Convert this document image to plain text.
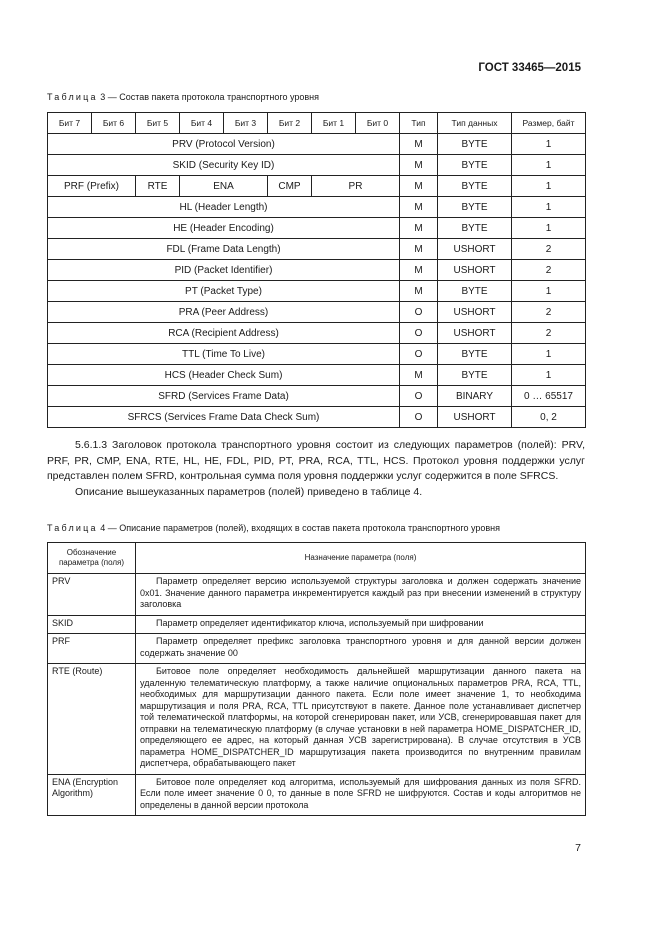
ГОСТ 33465—2015
Таблица 3 — Состав пакета протокола транспортного уровня
Бит 7	Бит 6	Бит 5	Бит 4	Бит 3	Бит 2	Бит 1	Бит 0	Тип	Тип данных	Размер, байт
PRV (Protocol Version)								M	BYTE	1
SKID (Security Key ID)								M	BYTE	1
PRF (Prefix)		RTE	ENA		CMP	PR		M	BYTE	1
HL (Header Length)								M	BYTE	1
HE (Header Encoding)								M	BYTE	1
FDL (Frame Data Length)								M	USHORT	2
PID (Packet Identifier)								M	USHORT	2
PT (Packet Type)								M	BYTE	1
PRA (Peer Address)								O	USHORT	2
RCA (Recipient Address)								O	USHORT	2
TTL (Time To Live)								O	BYTE	1
HCS (Header Check Sum)								M	BYTE	1
SFRD (Services Frame Data)								O	BINARY	0 … 65517
SFRCS (Services Frame Data Check Sum)								O	USHORT	0, 2

5.6.1.3 Заголовок протокола транспортного уровня состоит из следующих параметров (полей): PRV, PRF, PR, CMP, ENA, RTE, HL, HE, FDL, PID, PT, PRA, RCA, TTL, HCS. Протокол уровня поддержки услуг представлен полем SFRD, контрольная сумма поля уровня поддержки услуг содержится в поле SFRCS.

Описание вышеуказанных параметров (полей) приведено в таблице 4.

Таблица 4 — Описание параметров (полей), входящих в состав пакета протокола транспортного уровня
Обозначение параметра (поля)	Назначение параметра (поля)
PRV	Параметр определяет версию используемой структуры заголовка и должен содержать значение 0x01. Значение данного параметра инкрементируется каждый раз при внесении изменений в структуру заголовка

SKID	Параметр определяет идентификатор ключа, используемый при шифровании

PRF	Параметр определяет префикс заголовка транспортного уровня и для данной версии должен содержать значение 00

RTE (Route)	Битовое поле определяет необходимость дальнейшей маршрутизации данного пакета на удаленную телематическую платформу, а также наличие опциональных параметров PRA, RCA, TTL, необходимых для маршрутизации данного пакета. Если поле имеет значение 1, то необходима маршрутизация и поля PRA, RCA, TTL присутствуют в пакете. Данное поле устанавливает диспетчер той телематической платформы, на которой сгенерирован пакет, или УСВ, сгенерировавшая пакет для отправки на телематическую платформу (в случае установки в ней параметра HOME_DISPATCHER_ID, определяющего ее адрес, на который данная УСВ зарегистрирована). В случае отсутствия в УСВ параметра HOME_DISPATCHER_ID маршрутизация пакета производится по внутренним правилам диспетчера, обрабатывающего пакет

ENA (Encryption Algorithm)	Битовое поле определяет код алгоритма, используемый для шифрования данных из поля SFRD. Если поле имеет значение 0 0, то данные в поле SFRD не шифруются. Состав и коды алгоритмов не определены в данной версии протокола
7
